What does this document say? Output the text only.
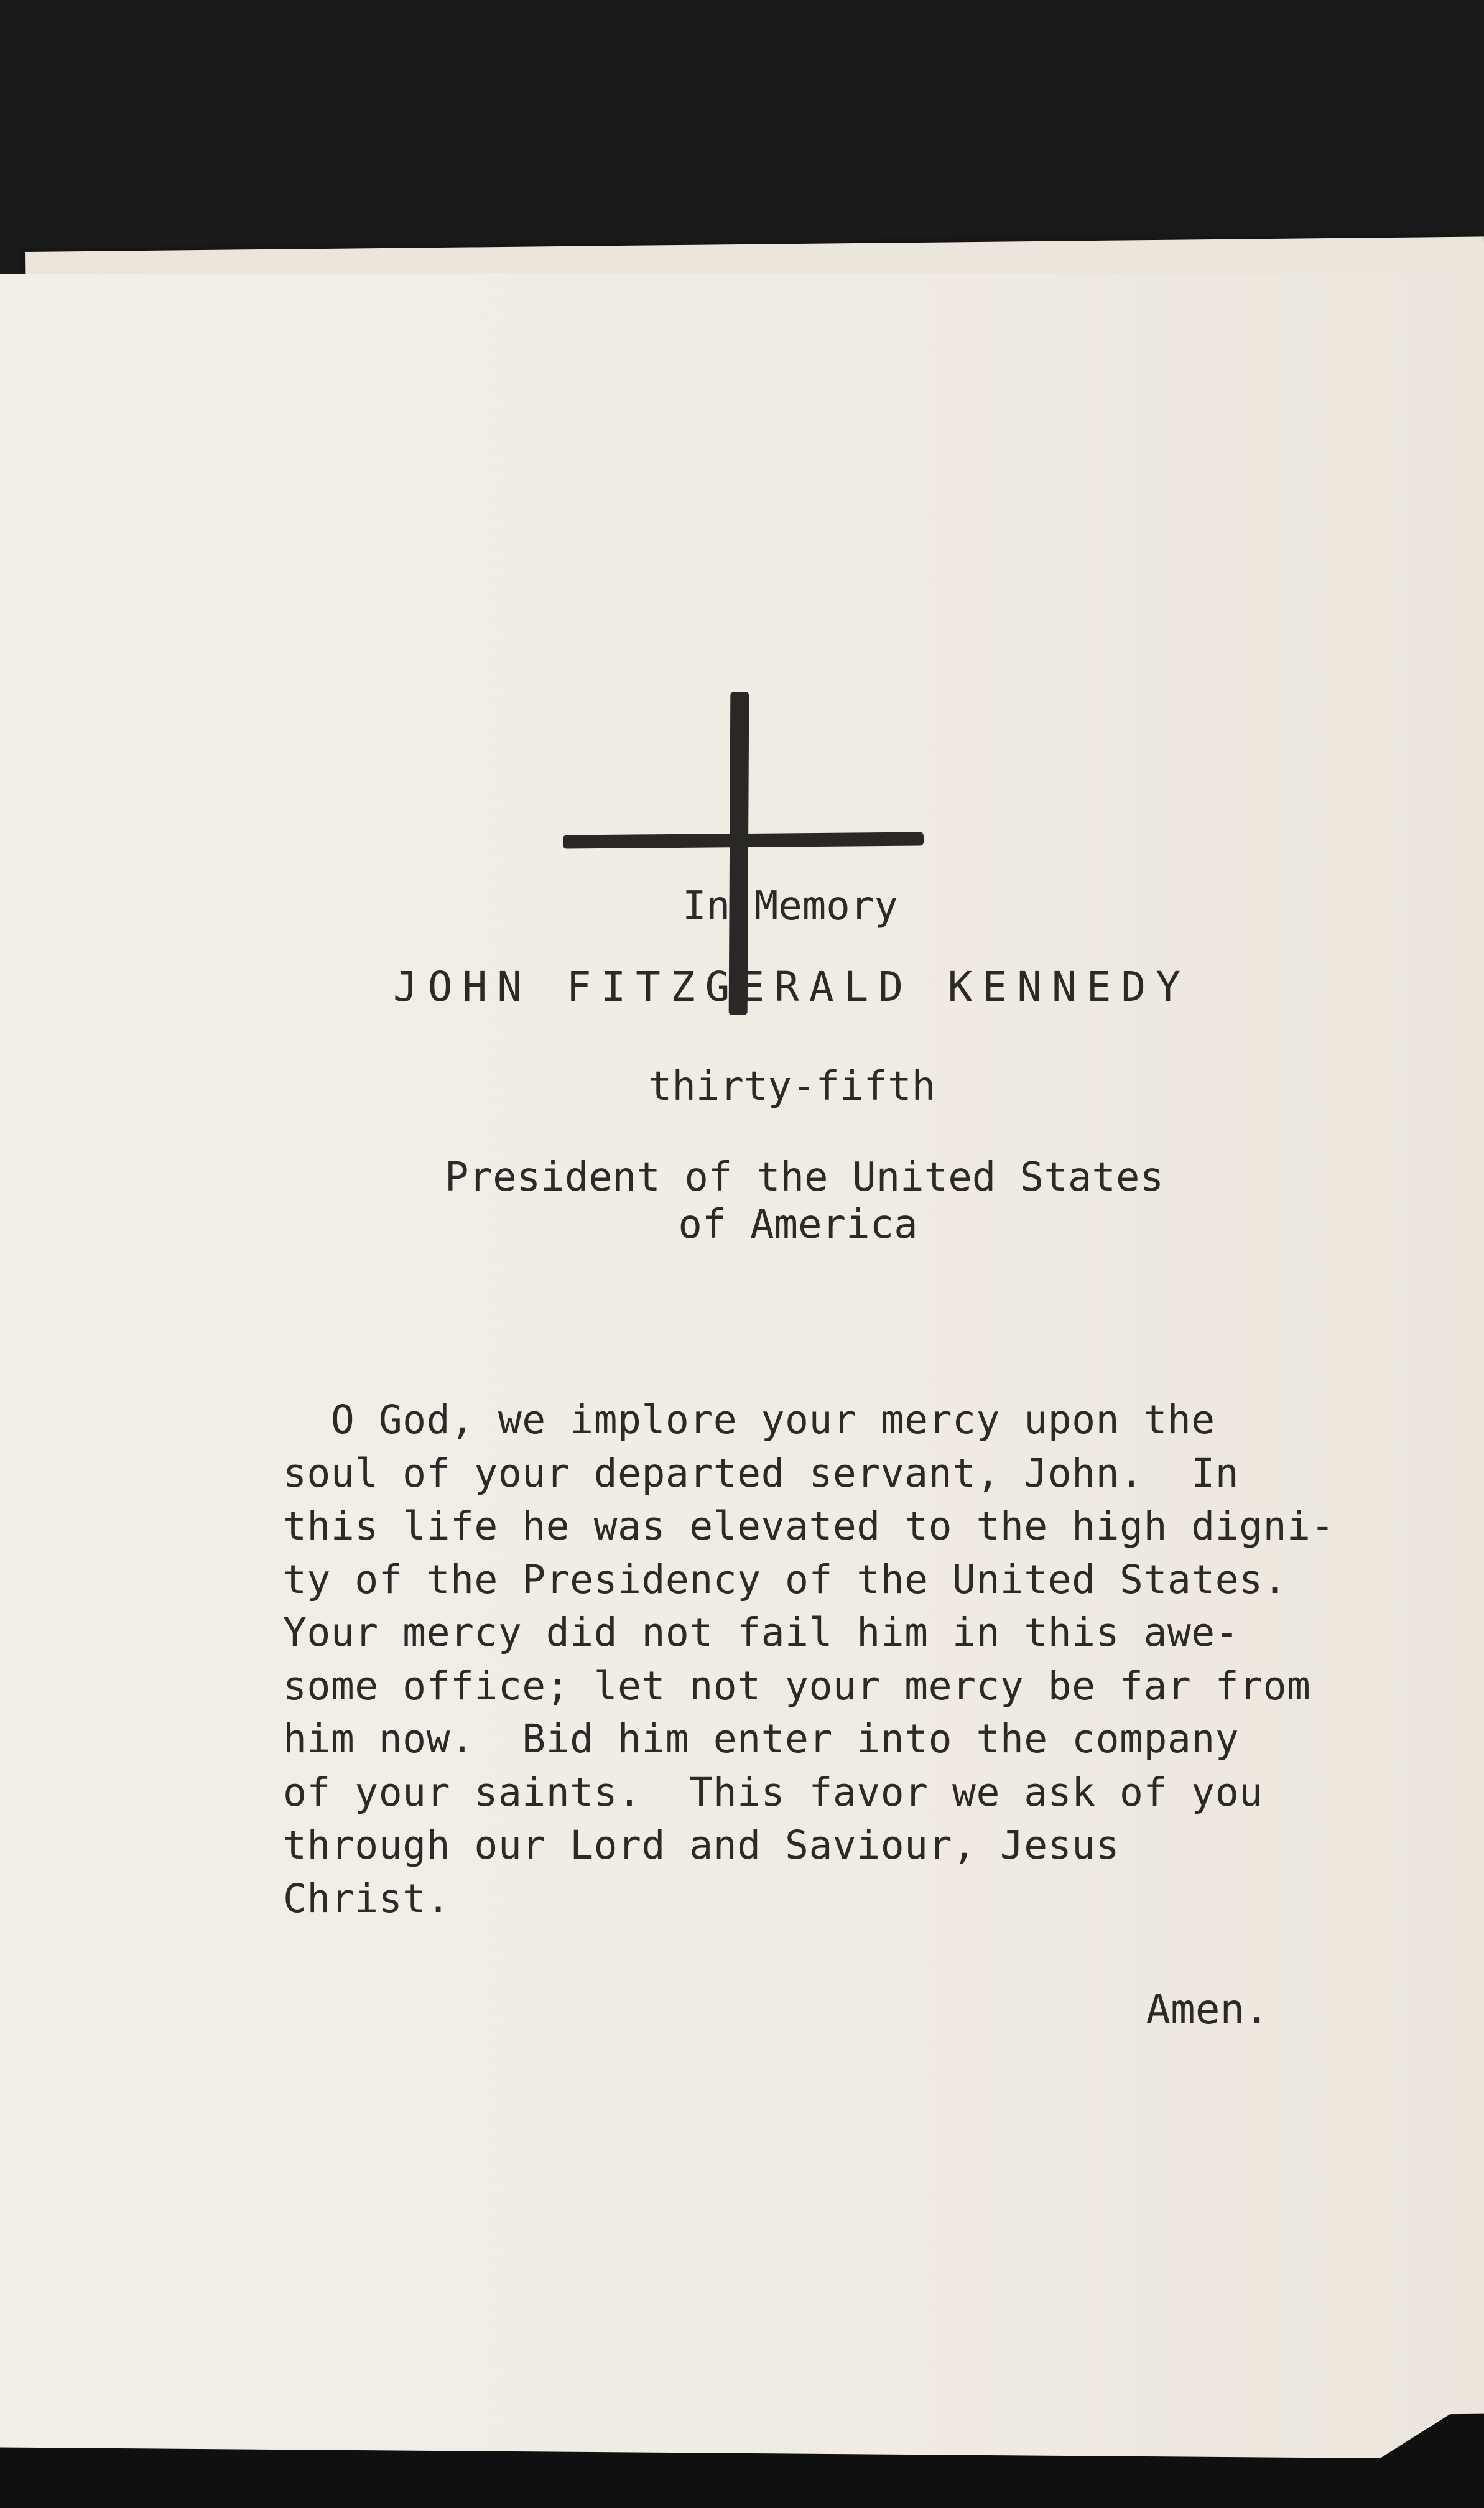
In Memory
JOHN FITZGERALD KENNEDY
thirty-fifth
President of the United States
of America
O God, we implore your mercy upon the
soul of your departed servant, John.  In
this life he was elevated to the high digni-
ty of the Presidency of the United States.
Your mercy did not fail him in this awe-
some office; let not your mercy be far from
him now.  Bid him enter into the company
of your saints.  This favor we ask of you
through our Lord and Saviour, Jesus
Christ.
Amen.
